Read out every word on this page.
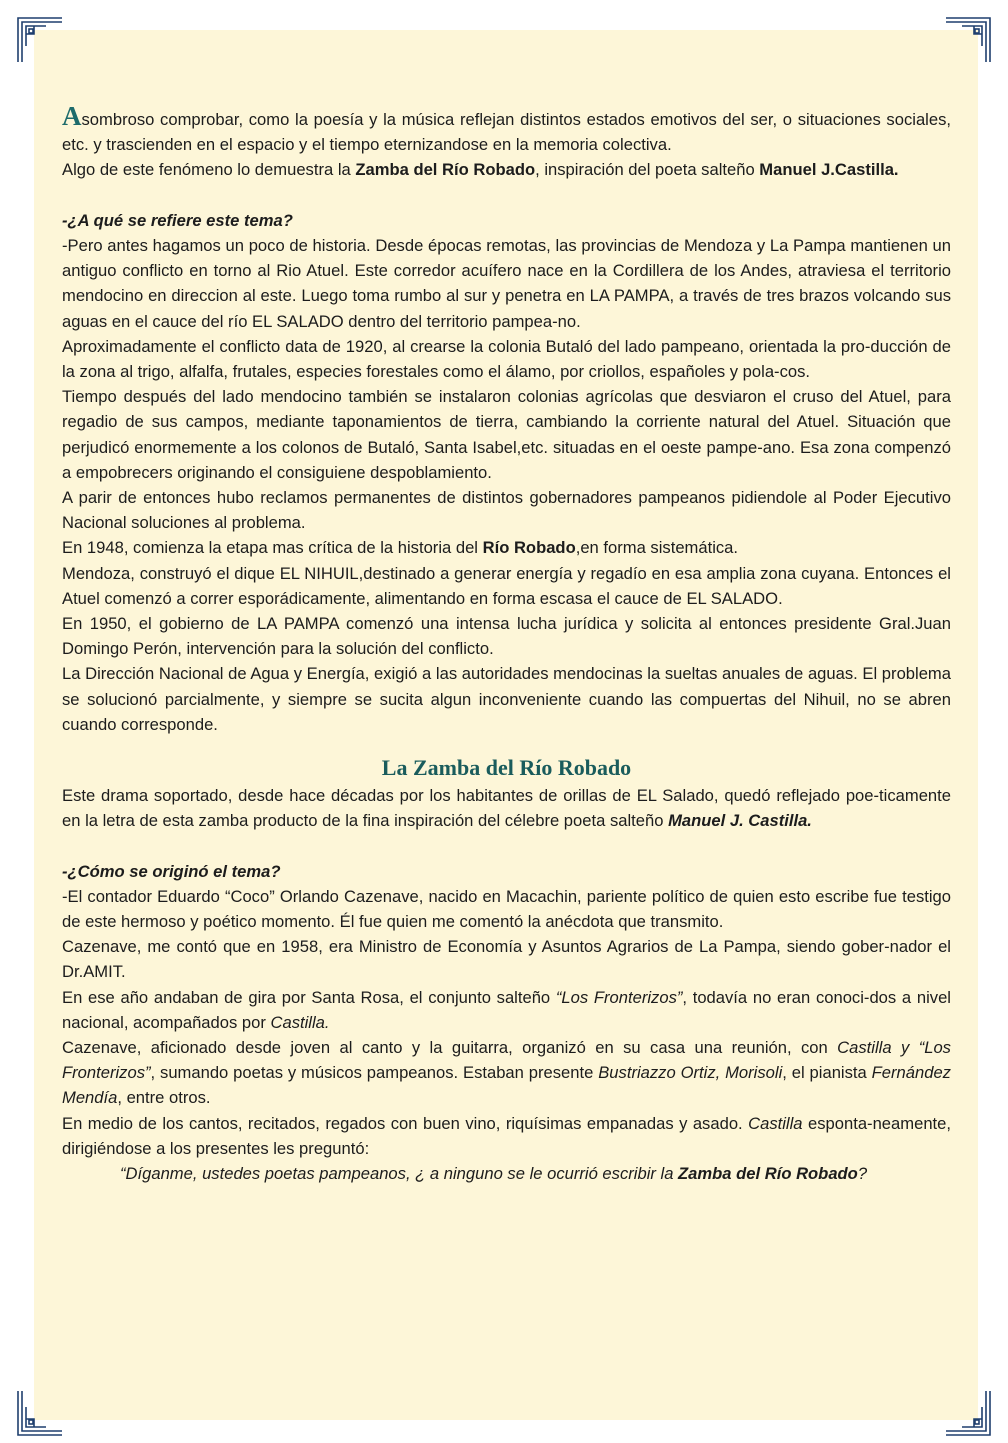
Asombroso comprobar, como la poesía y la música reflejan distintos estados emotivos del ser, o situaciones sociales, etc. y trascienden en el espacio y el tiempo eternizandose en la memoria colectiva.

Algo de este fenómeno lo demuestra la Zamba del Río Robado, inspiración del poeta salteño Manuel J.Castilla.

-¿A qué se refiere este tema?

-Pero antes hagamos un poco de historia. Desde épocas remotas, las provincias de Mendoza y La Pampa mantienen un antiguo conflicto en torno al Rio Atuel. Este corredor acuífero nace en la Cordillera de los Andes, atraviesa el territorio mendocino en direccion al este. Luego toma rumbo al sur y penetra en LA PAMPA, a través de tres brazos volcando sus aguas en el cauce del río EL SALADO dentro del territorio pampea-no.

Aproximadamente el conflicto data de 1920, al crearse la colonia Butaló del lado pampeano, orientada la pro-ducción de la zona al trigo, alfalfa, frutales, especies forestales como el álamo, por criollos, españoles y pola-cos.

Tiempo después del lado mendocino también se instalaron colonias agrícolas que desviaron el cruso del Atuel, para regadio de sus campos, mediante taponamientos de tierra, cambiando la corriente natural del Atuel. Situación que perjudicó enormemente a los colonos de Butaló, Santa Isabel,etc. situadas en el oeste pampe-ano. Esa zona compenzó a empobrecers originando el consiguiene despoblamiento.

A parir de entonces hubo reclamos permanentes de distintos gobernadores pampeanos pidiendole al Poder Ejecutivo Nacional soluciones al problema.

En 1948, comienza la etapa mas crítica de la historia del Río Robado,en forma sistemática.

Mendoza, construyó el dique EL NIHUIL,destinado a generar energía y regadío en esa amplia zona cuyana. Entonces el Atuel comenzó a correr esporádicamente, alimentando en forma escasa el cauce de EL SALADO.

En 1950, el gobierno de LA PAMPA comenzó una intensa lucha jurídica y solicita al entonces presidente Gral.Juan Domingo Perón, intervención para la solución del conflicto.

La Dirección Nacional de Agua y Energía, exigió a las autoridades mendocinas la sueltas anuales de aguas. El problema se solucionó parcialmente, y siempre se sucita algun inconveniente cuando las compuertas del Nihuil, no se abren cuando corresponde.

La Zamba del Río Robado

Este drama soportado, desde hace décadas por los habitantes de orillas de EL Salado, quedó reflejado poe-ticamente en la letra de esta zamba producto de la fina inspiración del célebre poeta salteño Manuel J. Castilla.

-¿Cómo se originó el tema?

-El contador Eduardo “Coco” Orlando Cazenave, nacido en Macachin, pariente político de quien esto escribe fue testigo de este hermoso y poético momento. Él fue quien me comentó la anécdota que transmito.

Cazenave, me contó que en 1958, era Ministro de Economía y Asuntos Agrarios de La Pampa, siendo gober-nador el Dr.AMIT.

En ese año andaban de gira por Santa Rosa, el conjunto salteño “Los Fronterizos”, todavía no eran conoci-dos a nivel nacional, acompañados por Castilla.

Cazenave, aficionado desde joven al canto y la guitarra, organizó en su casa una reunión, con Castilla y “Los Fronterizos”, sumando poetas y músicos pampeanos. Estaban presente Bustriazzo Ortiz, Morisoli, el pianista Fernández Mendía, entre otros.

En medio de los cantos, recitados, regados con buen vino, riquísimas empanadas y asado. Castilla esponta-neamente, dirigiéndose a los presentes les preguntó:

“Díganme, ustedes poetas pampeanos, ¿ a ninguno se le ocurrió escribir la Zamba del Río Robado?
